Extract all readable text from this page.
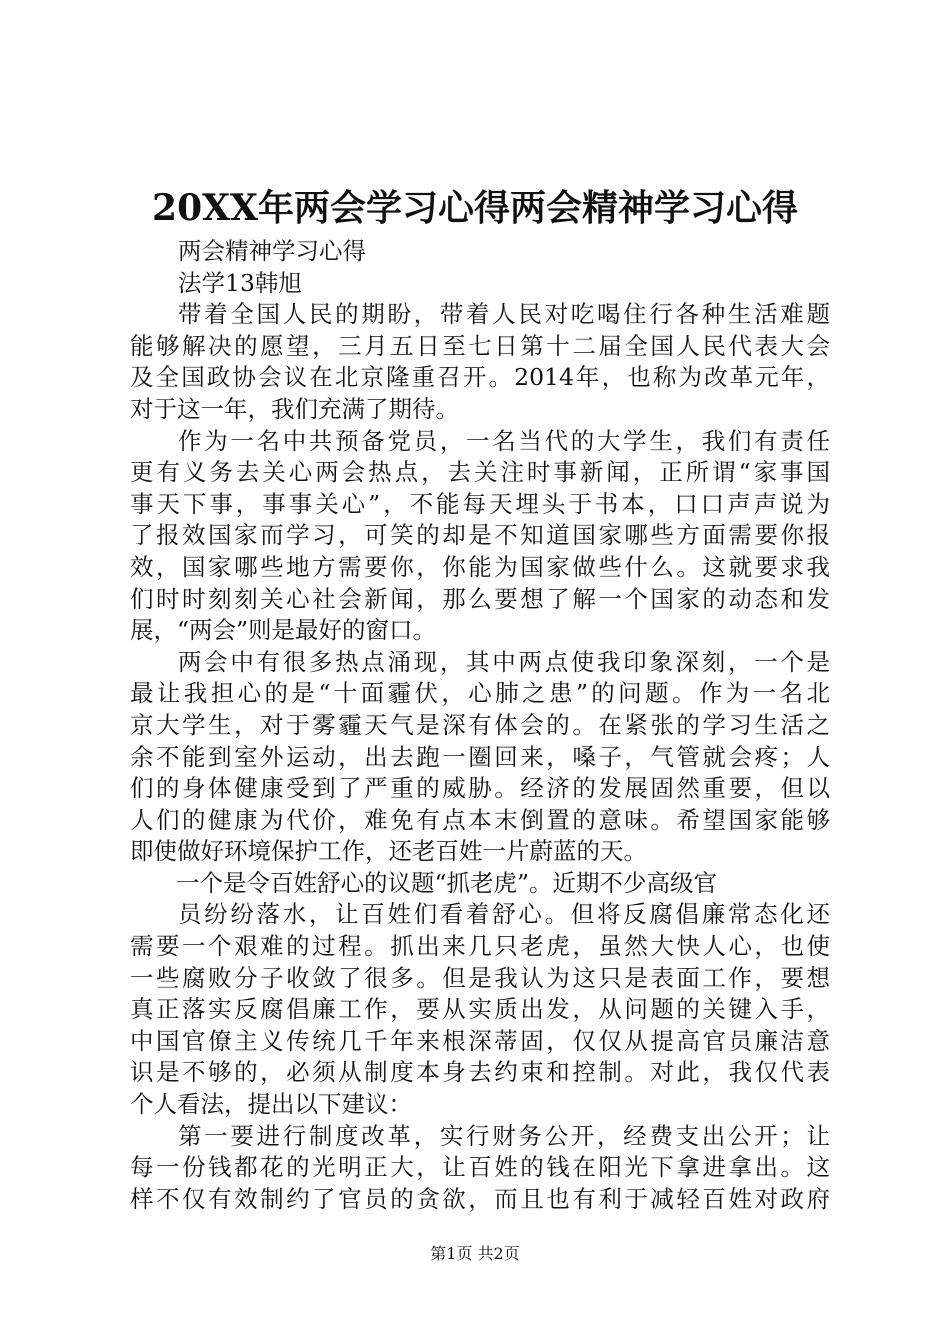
20XX年两会学习心得两会精神学习心得
两会精神学习心得
法学13韩旭
带着全国人民的期盼，带着人民对吃喝住行各种生活难题
能够解决的愿望，三月五日至七日第十二届全国人民代表大会
及全国政协会议在北京隆重召开。2014年，也称为改革元年，
对于这一年，我们充满了期待。
作为一名中共预备党员，一名当代的大学生，我们有责任
更有义务去关心两会热点，去关注时事新闻，正所谓“家事国
事天下事，事事关心”，不能每天埋头于书本，口口声声说为
了报效国家而学习，可笑的却是不知道国家哪些方面需要你报
效，国家哪些地方需要你，你能为国家做些什么。这就要求我
们时时刻刻关心社会新闻，那么要想了解一个国家的动态和发
展，“两会”则是最好的窗口。
两会中有很多热点涌现，其中两点使我印象深刻，一个是
最让我担心的是“十面霾伏，心肺之患”的问题。作为一名北
京大学生，对于雾霾天气是深有体会的。在紧张的学习生活之
余不能到室外运动，出去跑一圈回来，嗓子，气管就会疼；人
们的身体健康受到了严重的威胁。经济的发展固然重要，但以
人们的健康为代价，难免有点本末倒置的意味。希望国家能够
即使做好环境保护工作，还老百姓一片蔚蓝的天。
一个是令百姓舒心的议题“抓老虎”。近期不少高级官
员纷纷落水，让百姓们看着舒心。但将反腐倡廉常态化还
需要一个艰难的过程。抓出来几只老虎，虽然大快人心，也使
一些腐败分子收敛了很多。但是我认为这只是表面工作，要想
真正落实反腐倡廉工作，要从实质出发，从问题的关键入手，
中国官僚主义传统几千年来根深蒂固，仅仅从提高官员廉洁意
识是不够的，必须从制度本身去约束和控制。对此，我仅代表
个人看法，提出以下建议：
第一要进行制度改革，实行财务公开，经费支出公开；让
每一份钱都花的光明正大，让百姓的钱在阳光下拿进拿出。这
样不仅有效制约了官员的贪欲，而且也有利于减轻百姓对政府
第1页 共2页
